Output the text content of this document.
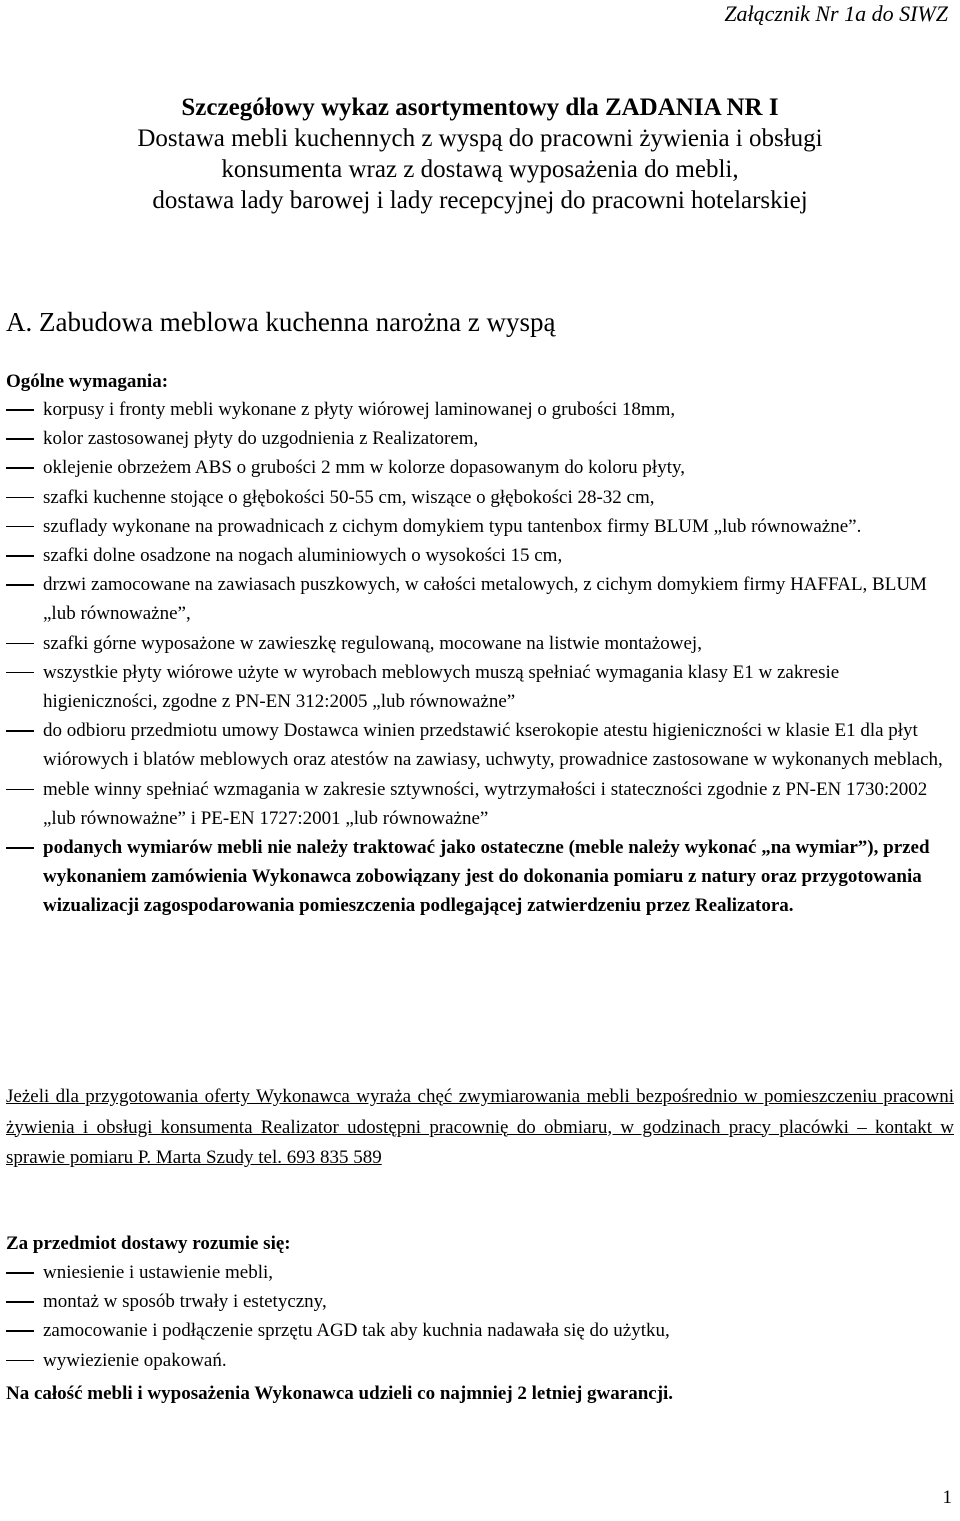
Załącznik Nr 1a do SIWZ
Szczegółowy wykaz asortymentowy dla ZADANIA NR I
Dostawa mebli kuchennych z wyspą do pracowni żywienia i obsługi
konsumenta wraz z dostawą wyposażenia do mebli,
dostawa lady barowej i lady recepcyjnej do pracowni hotelarskiej
A. Zabudowa meblowa kuchenna narożna z wyspą
Ogólne wymagania:
korpusy i fronty mebli wykonane z płyty wiórowej laminowanej o grubości 18mm,
kolor zastosowanej płyty do uzgodnienia z Realizatorem,
oklejenie obrzeżem ABS o grubości 2 mm w kolorze dopasowanym do koloru płyty,
szafki kuchenne stojące o głębokości 50-55 cm, wiszące o głębokości 28-32 cm,
szuflady wykonane na prowadnicach z cichym domykiem typu tantenbox firmy BLUM „lub równoważne”.
szafki dolne osadzone na nogach aluminiowych o wysokości 15 cm,
drzwi zamocowane na zawiasach puszkowych, w całości metalowych, z cichym domykiem firmy HAFFAL, BLUM „lub równoważne”,
szafki górne wyposażone w zawieszkę regulowaną, mocowane na listwie montażowej,
wszystkie płyty wiórowe użyte w wyrobach meblowych muszą spełniać wymagania klasy E1 w zakresie higieniczności, zgodne z PN-EN 312:2005 „lub równoważne”
do odbioru przedmiotu umowy Dostawca winien przedstawić kserokopie atestu higieniczności w klasie E1 dla płyt wiórowych i blatów meblowych oraz atestów na zawiasy, uchwyty, prowadnice zastosowane w wykonanych meblach,
meble winny spełniać wzmagania w zakresie sztywności, wytrzymałości i stateczności zgodnie z PN-EN 1730:2002 „lub równoważne” i PE-EN 1727:2001 „lub równoważne”
podanych wymiarów mebli nie należy traktować jako ostateczne (meble należy wykonać „na wymiar”), przed wykonaniem zamówienia Wykonawca zobowiązany jest do dokonania pomiaru z natury oraz przygotowania wizualizacji zagospodarowania pomieszczenia podlegającej zatwierdzeniu przez Realizatora.
Jeżeli dla przygotowania oferty Wykonawca wyraża chęć zwymiarowania mebli bezpośrednio w pomieszczeniu pracowni żywienia i obsługi konsumenta Realizator udostępni pracownię do obmiaru, w godzinach pracy placówki – kontakt w sprawie pomiaru P. Marta Szudy tel. 693 835 589
Za przedmiot dostawy rozumie się:
wniesienie i ustawienie mebli,
montaż w sposób trwały i estetyczny,
zamocowanie i podłączenie sprzętu AGD tak aby kuchnia nadawała się do użytku,
wywiezienie opakowań.
Na całość mebli i wyposażenia Wykonawca udzieli co najmniej 2 letniej gwarancji.
1
